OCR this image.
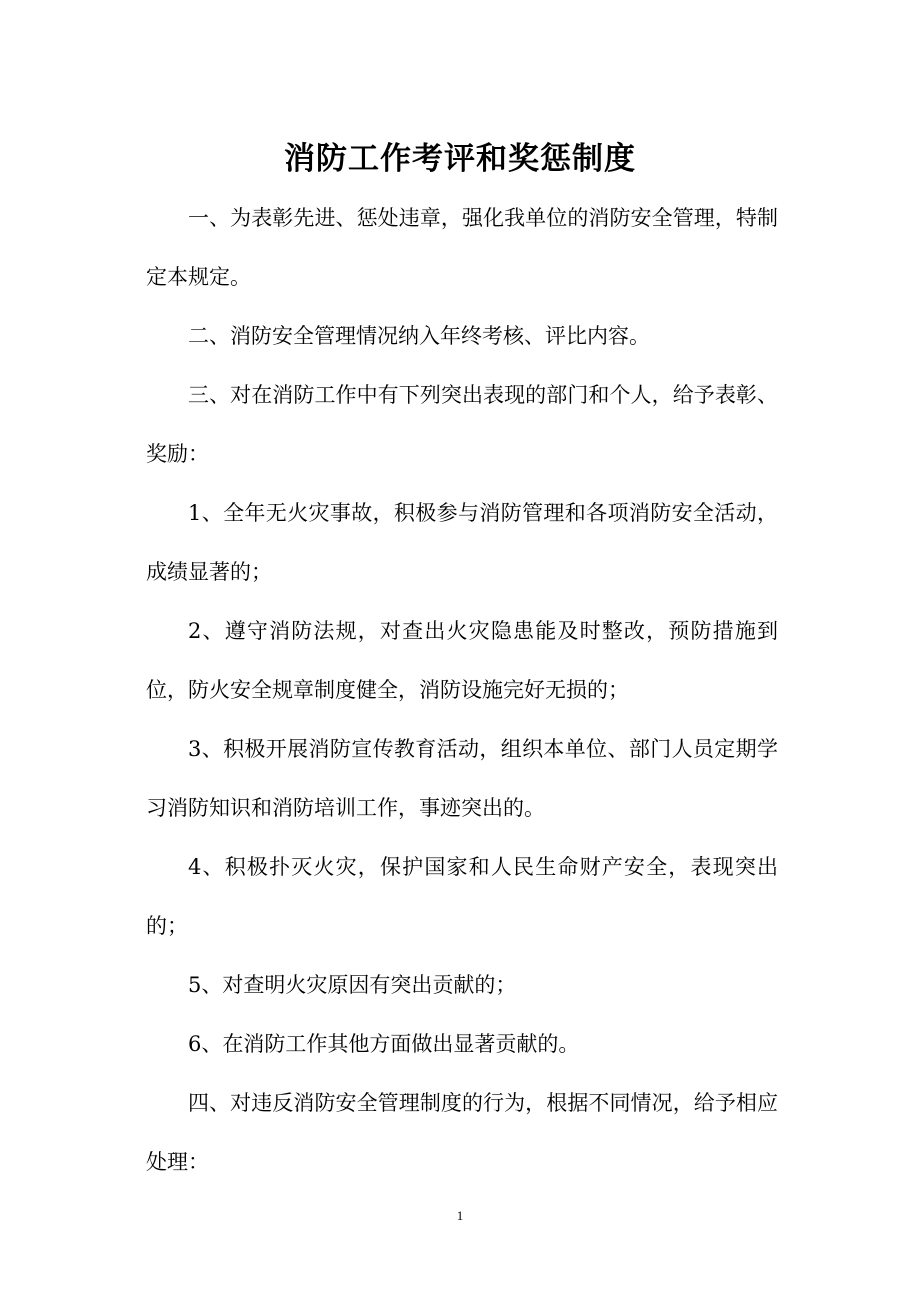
消防工作考评和奖惩制度

一、为表彰先进、惩处违章，强化我单位的消防安全管理，特制定本规定。

二、消防安全管理情况纳入年终考核、评比内容。

三、对在消防工作中有下列突出表现的部门和个人，给予表彰、奖励：

1、全年无火灾事故，积极参与消防管理和各项消防安全活动，成绩显著的；

2、遵守消防法规，对查出火灾隐患能及时整改，预防措施到位，防火安全规章制度健全，消防设施完好无损的；

3、积极开展消防宣传教育活动，组织本单位、部门人员定期学习消防知识和消防培训工作，事迹突出的。

4、积极扑灭火灾，保护国家和人民生命财产安全，表现突出的；

5、对查明火灾原因有突出贡献的；

6、在消防工作其他方面做出显著贡献的。

四、对违反消防安全管理制度的行为，根据不同情况，给予相应处理：

1
